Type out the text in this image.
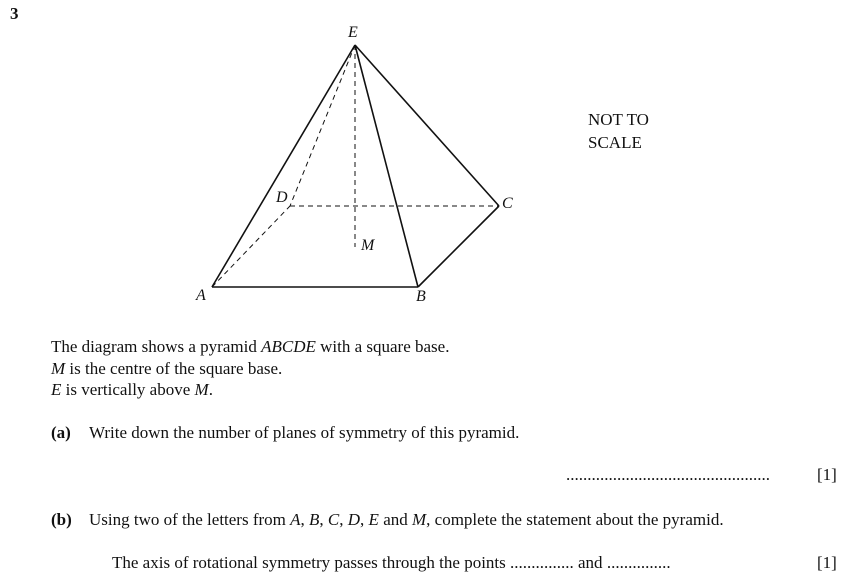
3
E
D	C
M
A	B
NOT TO
SCALE
The diagram shows a pyramid ABCDE with a square base.
M is the centre of the square base.
E is vertically above M.
(a) Write down the number of planes of symmetry of this pyramid.
................................................	[1]
(b) Using two of the letters from A, B, C, D, E and M, complete the statement about the pyramid.
The axis of rotational symmetry passes through the points ............... and ...............	[1]
